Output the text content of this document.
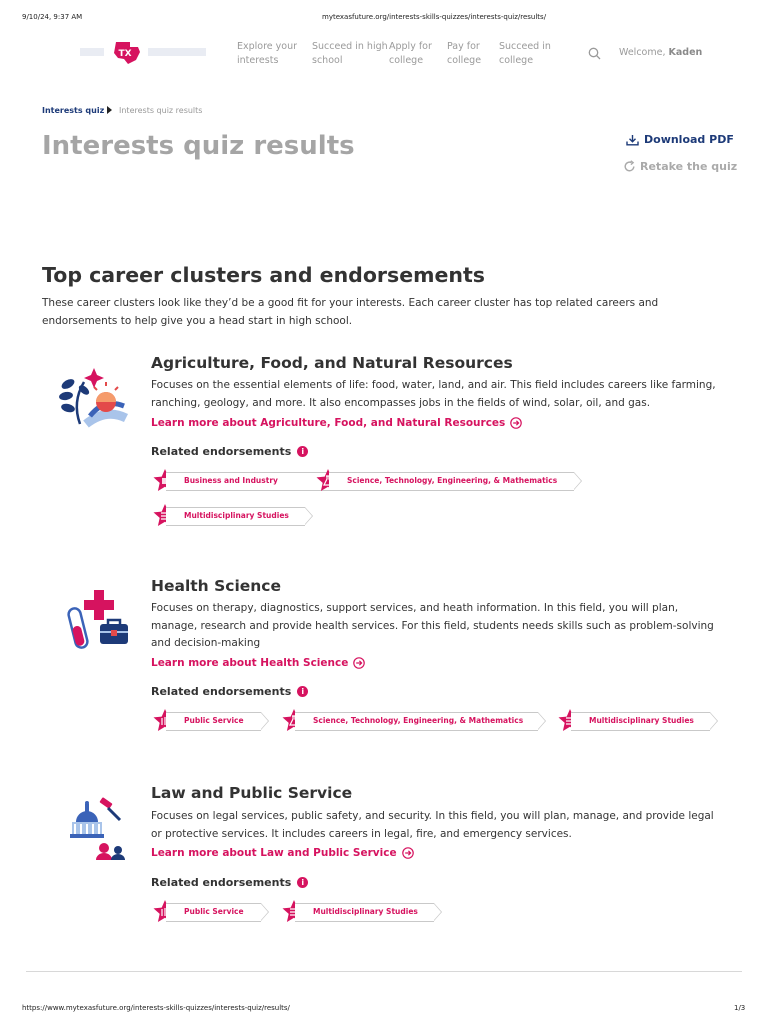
9/10/24, 9:37 AM	mytexasfuture.org/interests-skills-quizzes/interests-quiz/results/
TX
Explore your interests
Succeed in high school
Apply for college
Pay for college
Succeed in college
Welcome, Kaden
Interests quiz Interests quiz results
Interests quiz results	Download PDF
Retake the quiz
Top career clusters and endorsements

These career clusters look like they’d be a good fit for your interests. Each career cluster has top related careers and endorsements to help give you a head start in high school.

Agriculture, Food, and Natural Resources
Focuses on the essential elements of life: food, water, land, and air. This field includes careers like farming, ranching, geology, and more. It also encompasses jobs in the fields of wind, solar, oil, and gas.
Learn more about Agriculture, Food, and Natural Resources
Related endorsements	i
Business and Industry	Science, Technology, Engineering, & Mathematics
Multidisciplinary Studies
Health Science
Focuses on therapy, diagnostics, support services, and heath information. In this field, you will plan, manage, research and provide health services. For this field, students needs skills such as problem-solving and decision-making
Learn more about Health Science
Related endorsements	i
Public Service	Science, Technology, Engineering, & Mathematics	Multidisciplinary Studies
Law and Public Service
Focuses on legal services, public safety, and security. In this field, you will plan, manage, and provide legal or protective services. It includes careers in legal, fire, and emergency services.
Learn more about Law and Public Service
Related endorsements	i
Public Service	Multidisciplinary Studies
https://www.mytexasfuture.org/interests-skills-quizzes/interests-quiz/results/	1/3
